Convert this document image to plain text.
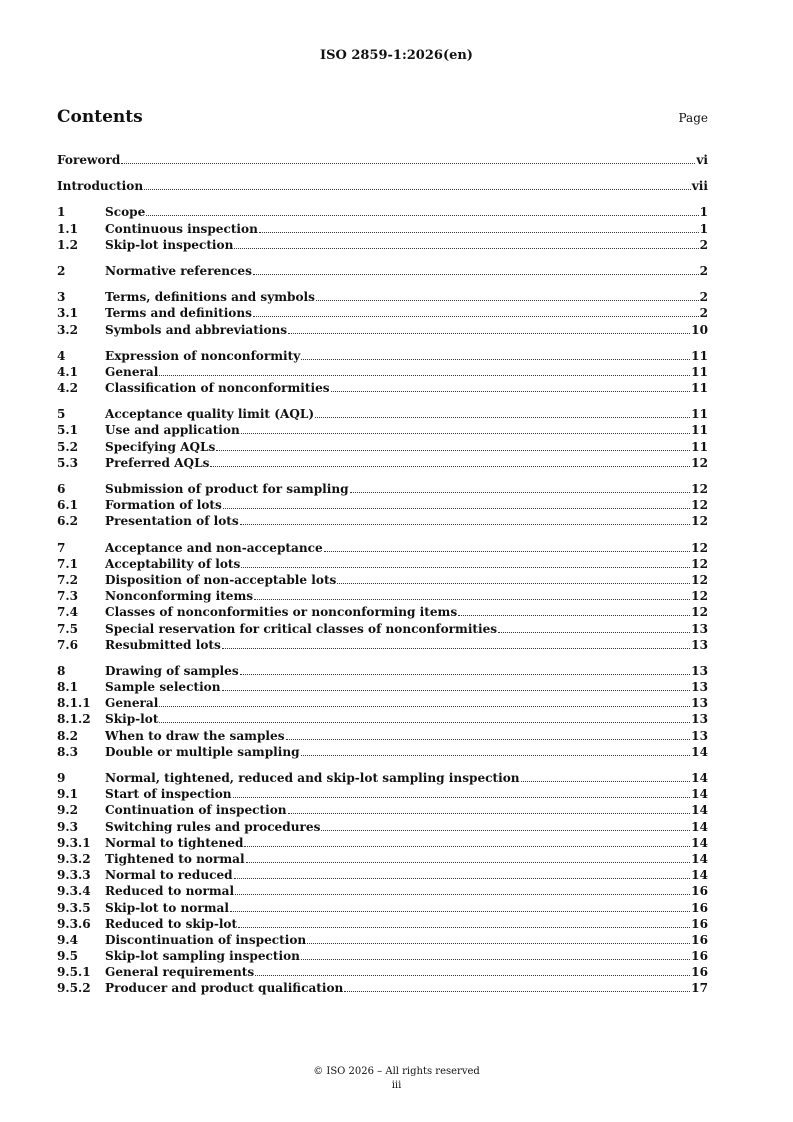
ISO 2859-1:2026(en)
Contents	Page
Foreword	vi
Introduction	vii
1	Scope	1
1.1	Continuous inspection	1
1.2	Skip-lot inspection	2
2	Normative references	2
3	Terms, definitions and symbols	2
3.1	Terms and definitions	2
3.2	Symbols and abbreviations	10
4	Expression of nonconformity	11
4.1	General	11
4.2	Classification of nonconformities	11
5	Acceptance quality limit (AQL)	11
5.1	Use and application	11
5.2	Specifying AQLs	11
5.3	Preferred AQLs	12
6	Submission of product for sampling	12
6.1	Formation of lots	12
6.2	Presentation of lots	12
7	Acceptance and non-acceptance	12
7.1	Acceptability of lots	12
7.2	Disposition of non-acceptable lots	12
7.3	Nonconforming items	12
7.4	Classes of nonconformities or nonconforming items	12
7.5	Special reservation for critical classes of nonconformities	13
7.6	Resubmitted lots	13
8	Drawing of samples	13
8.1	Sample selection	13
8.1.1	General	13
8.1.2	Skip-lot	13
8.2	When to draw the samples	13
8.3	Double or multiple sampling	14
9	Normal, tightened, reduced and skip-lot sampling inspection	14
9.1	Start of inspection	14
9.2	Continuation of inspection	14
9.3	Switching rules and procedures	14
9.3.1	Normal to tightened	14
9.3.2	Tightened to normal	14
9.3.3	Normal to reduced	14
9.3.4	Reduced to normal	16
9.3.5	Skip-lot to normal	16
9.3.6	Reduced to skip-lot	16
9.4	Discontinuation of inspection	16
9.5	Skip-lot sampling inspection	16
9.5.1	General requirements	16
9.5.2	Producer and product qualification	17
© ISO 2026 – All rights reserved
iii
